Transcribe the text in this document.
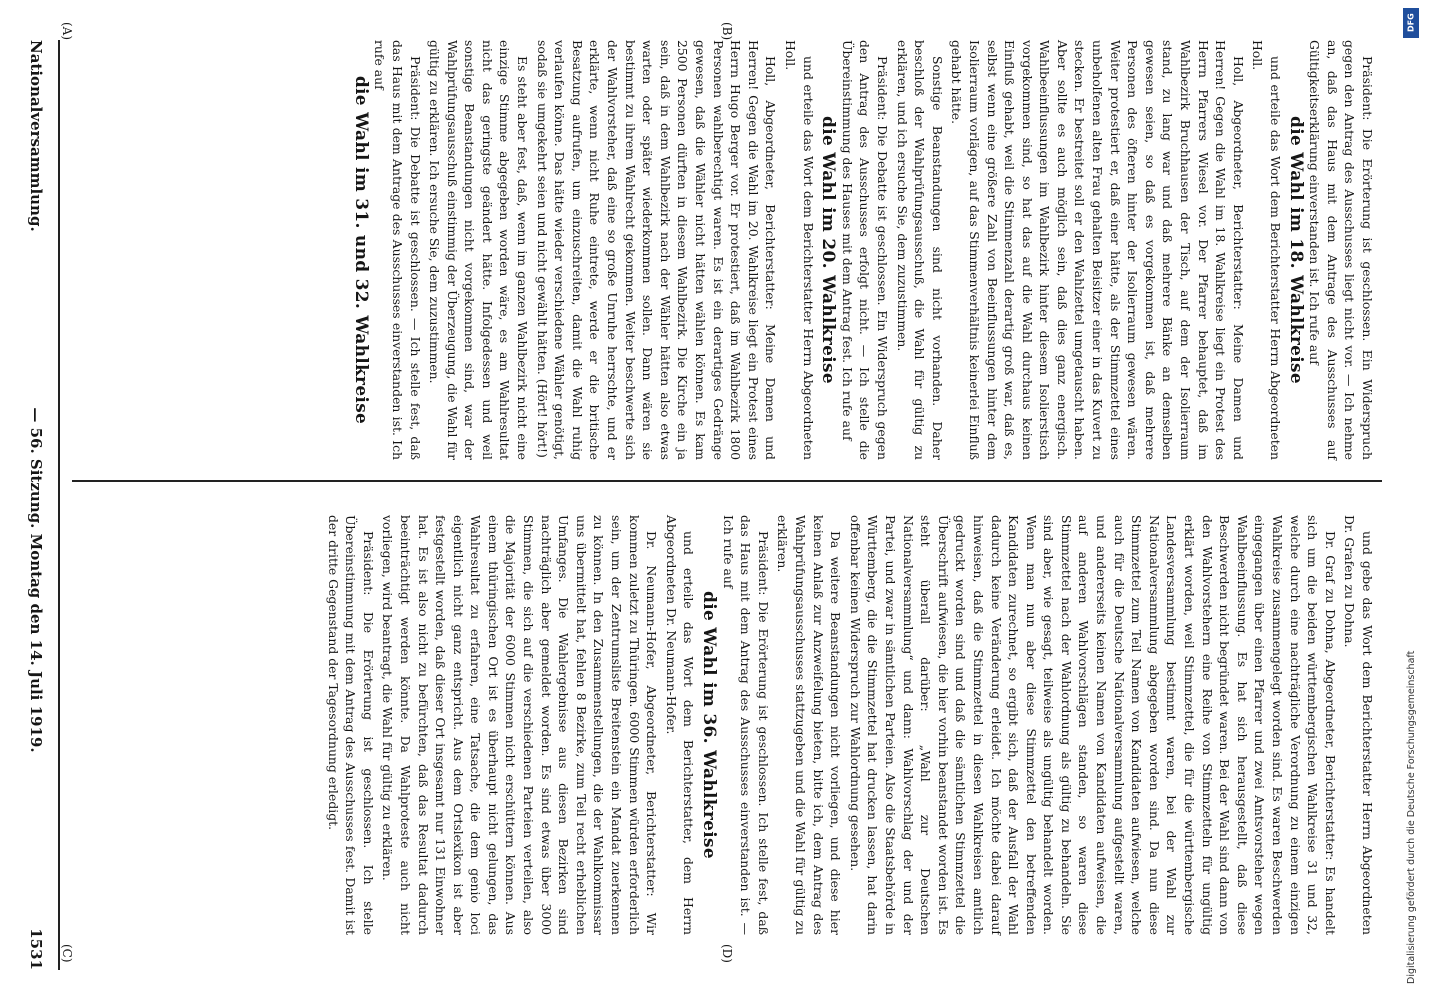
Nationalversammlung.
— 56. Sitzung. Montag den 14. Juli 1919.
1531

Präsident: Die Erörterung ist geschlossen. Ein Widerspruch gegen den Antrag des Ausschusses liegt nicht vor. — Ich nehme an, daß das Haus mit dem Antrage des Ausschusses auf Gültigkeitserklärung einverstanden ist. Ich rufe auf

die Wahl im 18. Wahlkreise

und erteile das Wort dem Berichterstatter Herrn Abgeordneten Holl.

Holl, Abgeordneter, Berichterstatter: Meine Damen und Herren! Gegen die Wahl im 18. Wahlkreise liegt ein Protest des Herrn Pfarrers Wiesel vor. Der Pfarrer behauptet, daß im Wahlbezirk Bruchhausen der Tisch, auf dem der Isolierraum stand, zu lang war und daß mehrere Bänke an demselben gewesen seien, so daß es vorgekommen ist, daß mehrere Personen des öfteren hinter der Isolierraum gewesen wären. Weiter protestiert er, daß einer hätte, als der Stimmzettel eines unbeholfenen alten Frau gehalten Beisitzer einer in das Kuvert zu stecken. Er bestreitet soll er den Wahlzettel umgetauscht haben. Aber sollte es auch möglich sein, daß dies ganz energisch. Wahlbeeinflussungen im Wahlbezirk hinter diesem Isolierstisch vorgekommen sind, so hat das auf die Wahl durchaus keinen Einfluß gehabt, weil die Stimmenzahl derartig groß war, daß es, selbst wenn eine größere Zahl von Beeinflussungen hinter dem Isolierraum vorlägen, auf das Stimmenverhältnis keinerlei Einfluß gehabt hätte.

Sonstige Beanstandungen sind nicht vorhanden. Daher beschloß der Wahlprüfungsausschuß, die Wahl für gültig zu erklären, und ich ersuche Sie, dem zuzustimmen.

Präsident: Die Debatte ist geschlossen. Ein Widerspruch gegen den Antrag des Ausschusses erfolgt nicht. — Ich stelle die Übereinstimmung des Hauses mit dem Antrag fest. Ich rufe auf

die Wahl im 20. Wahlkreise

und erteile das Wort dem Berichterstatter Herrn Abgeordneten Holl.

Holl, Abgeordneter, Berichterstatter: Meine Damen und Herren! Gegen die Wahl im 20. Wahlkreise liegt ein Protest eines Herrn Hugo Berger vor. Er protestiert, daß im Wahlbezirk 1800 Personen wahlberechtigt waren. Es ist ein derartiges Gedränge gewesen, daß die Wähler nicht hätten wählen können. Es kam 2500 Personen dürften in diesem Wahlbezirk. Die Kirche ein ja sein, daß in dem Wahlbezirk nach der Wähler hätten also etwas warten oder später wiederkommen sollen. Dann wären sie bestimmt zu ihrem Wahlrecht gekommen. Weiter beschwerte sich der Wahlvorsteher, daß eine so große Unruhe herrschte, und er erklärte, wenn nicht Ruhe eintrete, werde er die britische Besatzung aufrufen, um einzuschreiten, damit die Wahl ruhig verlaufen könne. Das hätte wieder verschiedene Wähler genötigt, sodaß sie umgekehrt seien und nicht gewählt hätten. (Hört! hört!)

Es steht aber fest, daß, wenn im ganzen Wahlbezirk nicht eine einzige Stimme abgegeben worden wäre, es am Wahlresultat nicht das geringste geändert hätte. Infolgedessen und weil sonstige Beanstandungen nicht vorgekommen sind, war der Wahlprüfungsausschuß einstimmig der Überzeugung, die Wahl für gültig zu erklären. Ich ersuche Sie, dem zuzustimmen.

Präsident: Die Debatte ist geschlossen. — Ich stelle fest, daß das Haus mit dem Antrage des Ausschusses einverstanden ist. Ich rufe auf

die Wahl im 31. und 32. Wahlkreise

und gebe das Wort dem Berichterstatter Herrn Abgeordneten Dr. Grafen zu Dohna.

Dr. Graf zu Dohna, Abgeordneter, Berichterstatter: Es handelt sich um die beiden württembergischen Wahlkreise 31 und 32, welche durch eine nachträgliche Verordnung zu einem einzigen Wahlkreise zusammengelegt worden sind. Es waren Beschwerden eingegangen über einen Pfarrer und zwei Amtsvorsteher wegen Wahlbeeinflussung. Es hat sich herausgestellt, daß diese Beschwerden nicht begründet waren. Bei der Wahl sind dann von den Wahlvorstehern eine Reihe von Stimmzetteln für ungültig erklärt worden, weil Stimmzettel, die für die württembergische Landesversammlung bestimmt waren, bei der Wahl zur Nationalversammlung abgegeben worden sind. Da nun diese Stimmzettel zum Teil Namen von Kandidaten aufwiesen, welche auch für die Deutsche Nationalversammlung aufgestellt waren, und andererseits keinen Namen von Kandidaten aufweisen, die auf anderen Wahlvorschlägen standen, so waren diese Stimmzettel nach der Wahlordnung als gültig zu behandeln. Sie sind aber, wie gesagt, teilweise als ungültig behandelt worden. Wenn man nun aber diese Stimmzettel den betreffenden Kandidaten zurechnet, so ergibt sich, daß der Ausfall der Wahl dadurch keine Veränderung erleidet. Ich möchte dabei darauf hinweisen, daß die Stimmzettel in diesen Wahlkreisen amtlich gedruckt worden sind und daß die sämtlichen Stimmzettel die Überschrift aufwiesen, die hier vorhin beanstandet worden ist. Es steht überall darüber: „Wahl zur Deutschen Nationalversammlung“ und dann: Wahlvorschlag der und der Partei, und zwar in sämtlichen Parteien. Also die Staatsbehörde in Württemberg, die die Stimmzettel hat drucken lassen, hat darin offenbar keinen Widerspruch zur Wahlordnung gesehen.

Da weitere Beanstandungen nicht vorliegen, und diese hier keinen Anlaß zur Anzweifelung bieten, bitte ich, dem Antrag des Wahlprüfungsausschusses stattzugeben und die Wahl für gültig zu erklären.

Präsident: Die Erörterung ist geschlossen. Ich stelle fest, daß das Haus mit dem Antrag des Ausschusses einverstanden ist. — Ich rufe auf

die Wahl im 36. Wahlkreise

und erteile das Wort dem Berichterstatter, dem Herrn Abgeordneten Dr. Neumann-Hofer.

Dr. Neumann-Hofer, Abgeordneter, Berichterstatter: Wir kommen zuletzt zu Thüringen. 6000 Stimmen würden erforderlich sein, um der Zentrumsliste Breitenstein ein Mandat zuerkennen zu können. In den Zusammenstellungen, die der Wahlkommissar uns übermittelt hat, fehlen 8 Bezirke, zum Teil recht erheblichen Umfanges. Die Wahlergebnisse aus diesen Bezirken sind nachträglich aber gemeldet worden. Es sind etwas über 3000 Stimmen, die sich auf die verschiedenen Parteien verteilen, also die Majorität der 6000 Stimmen nicht erschüttern können. Aus einem thüringischen Ort ist es überhaupt nicht gelungen, das Wahlresultat zu erfahren, eine Tatsache, die dem genio loci eigentlich nicht ganz entspricht. Aus dem Ortslexikon ist aber festgestellt worden, daß dieser Ort insgesamt nur 131 Einwohner hat. Es ist also nicht zu befürchten, daß das Resultat dadurch beeinträchtigt werden könnte. Da Wahlproteste auch nicht vorliegen, wird beantragt, die Wahl für gültig zu erklären.

Präsident: Die Erörterung ist geschlossen. Ich stelle Übereinstimmung mit dem Antrag des Ausschusses fest. Damit ist der dritte Gegenstand der Tagesordnung erledigt.

(A)	(B)
(C)	(D)
DFG
Digitalisierung gefördert durch die Deutsche Forschungsgemeinschaft
